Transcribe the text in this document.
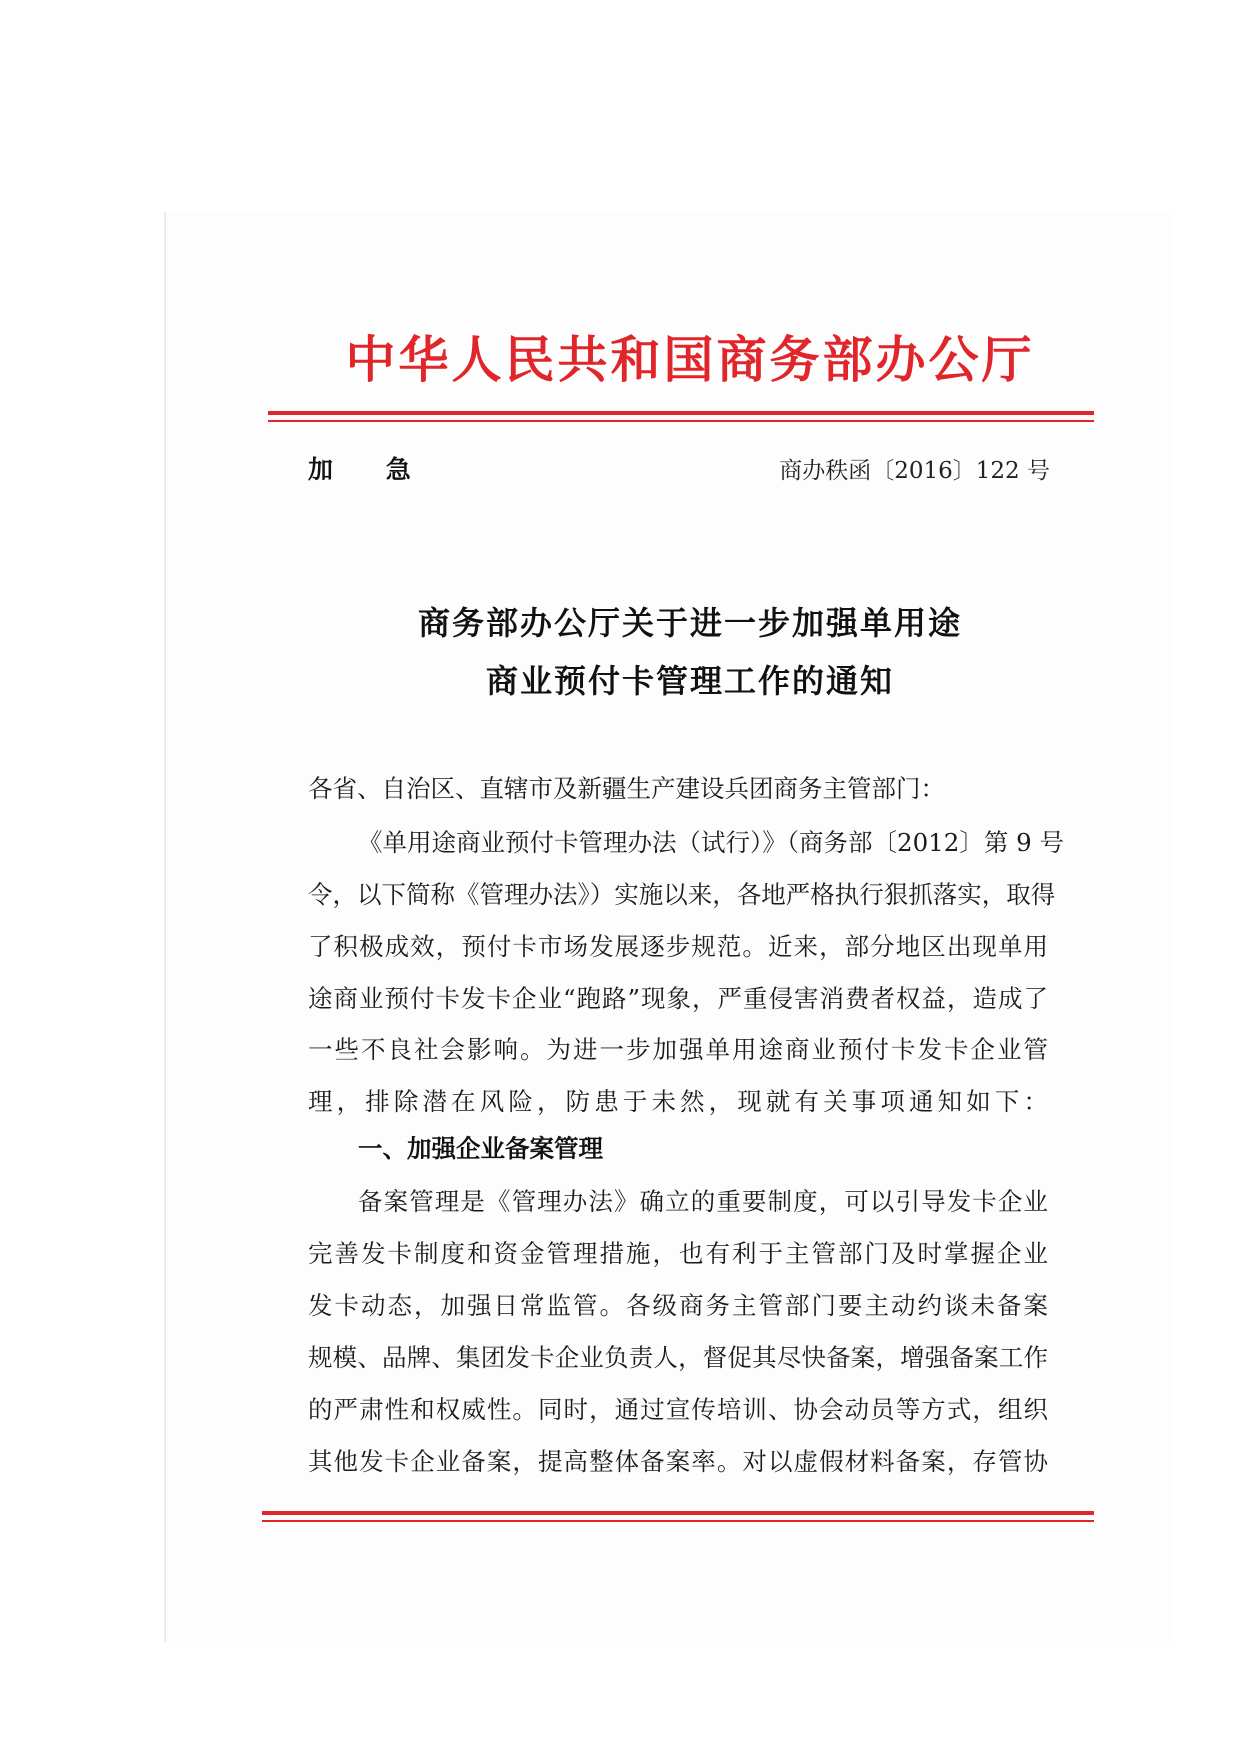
中华人民共和国商务部办公厅
加 急	商办秩函〔2016〕122 号
商务部办公厅关于进一步加强单用途
商业预付卡管理工作的通知
各省、自治区、直辖市及新疆生产建设兵团商务主管部门：
《单用途商业预付卡管理办法（试行）》（商务部〔2012〕第 9 号
令，以下简称《管理办法》）实施以来，各地严格执行狠抓落实，取得
了积极成效，预付卡市场发展逐步规范。近来，部分地区出现单用
途商业预付卡发卡企业“跑路”现象，严重侵害消费者权益，造成了
一些不良社会影响。为进一步加强单用途商业预付卡发卡企业管
理，排除潜在风险，防患于未然，现就有关事项通知如下：
一、加强企业备案管理
备案管理是《管理办法》确立的重要制度，可以引导发卡企业
完善发卡制度和资金管理措施，也有利于主管部门及时掌握企业
发卡动态，加强日常监管。各级商务主管部门要主动约谈未备案
规模、品牌、集团发卡企业负责人，督促其尽快备案，增强备案工作
的严肃性和权威性。同时，通过宣传培训、协会动员等方式，组织
其他发卡企业备案，提高整体备案率。对以虚假材料备案，存管协
